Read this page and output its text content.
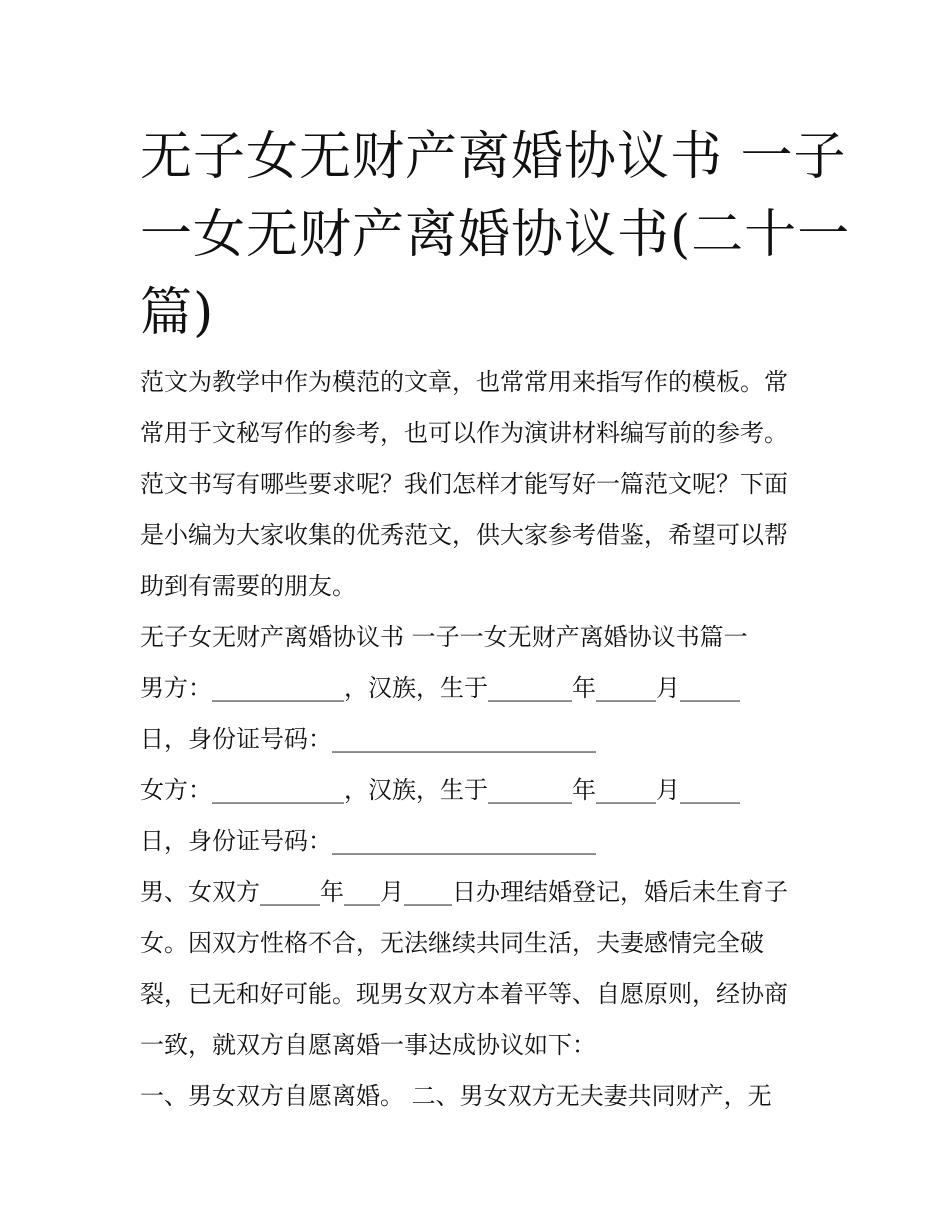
无子女无财产离婚协议书 一子
一女无财产离婚协议书(二十一
篇)
范文为教学中作为模范的文章，也常常用来指写作的模板。常
常用于文秘写作的参考，也可以作为演讲材料编写前的参考。
范文书写有哪些要求呢？我们怎样才能写好一篇范文呢？下面
是小编为大家收集的优秀范文，供大家参考借鉴，希望可以帮
助到有需要的朋友。
无子女无财产离婚协议书 一子一女无财产离婚协议书篇一
男方：___________，汉族，生于_______年_____月_____
日，身份证号码：______________________
女方：___________，汉族，生于_______年_____月_____
日，身份证号码：______________________
男、女双方_____年___月____日办理结婚登记，婚后未生育子
女。因双方性格不合，无法继续共同生活，夫妻感情完全破
裂，已无和好可能。现男女双方本着平等、自愿原则，经协商
一致，就双方自愿离婚一事达成协议如下：
一、男女双方自愿离婚。 二、男女双方无夫妻共同财产，无
